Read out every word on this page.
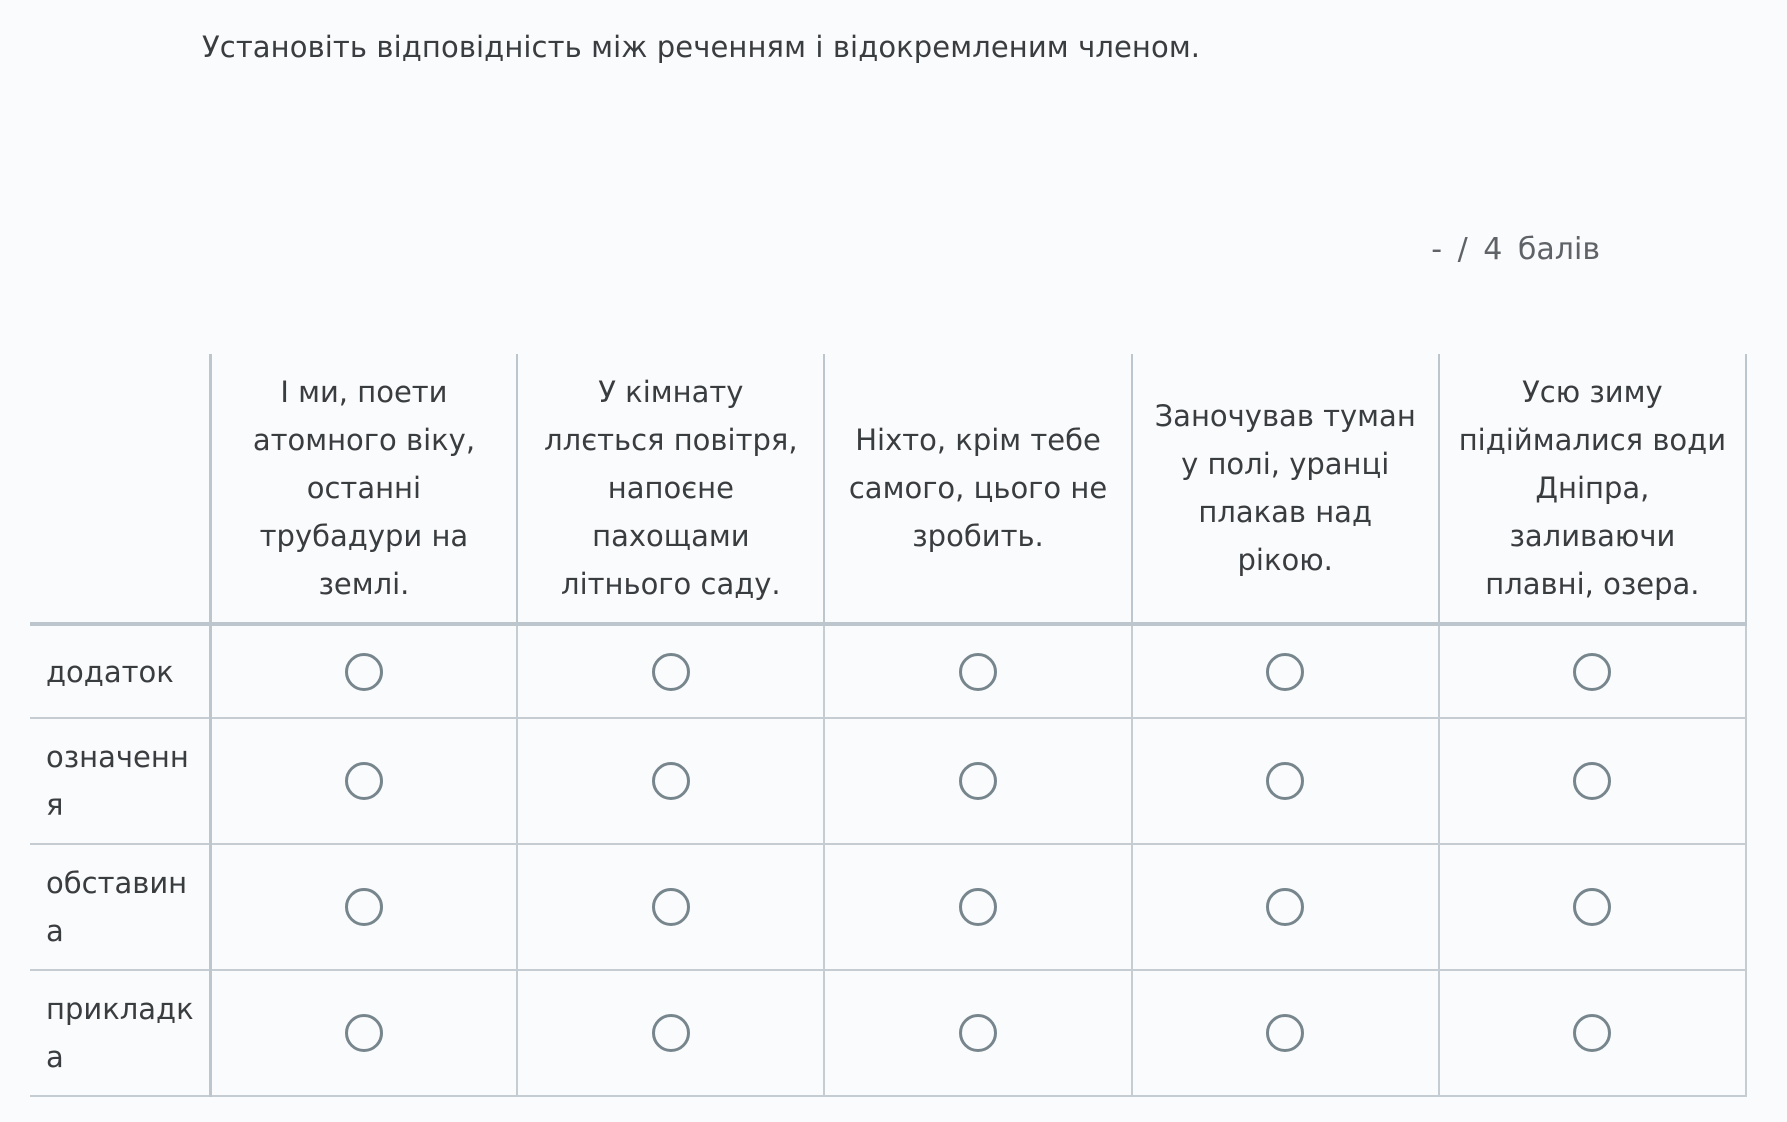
Установіть відповідність між реченням і відокремленим членом.
- / 4 балів
	І ми, поети атомного віку, останні трубадури на землі.	У кімнату ллється повітря, напоєне пахощами літнього саду.	Ніхто, крім тебе самого, цього не зробить.	Заночував туман у полі, уранці плакав над рікою.	Усю зиму підіймалися води Дніпра, заливаючи плавні, озера.
додаток					
означення					
обставина					
прикладка					
